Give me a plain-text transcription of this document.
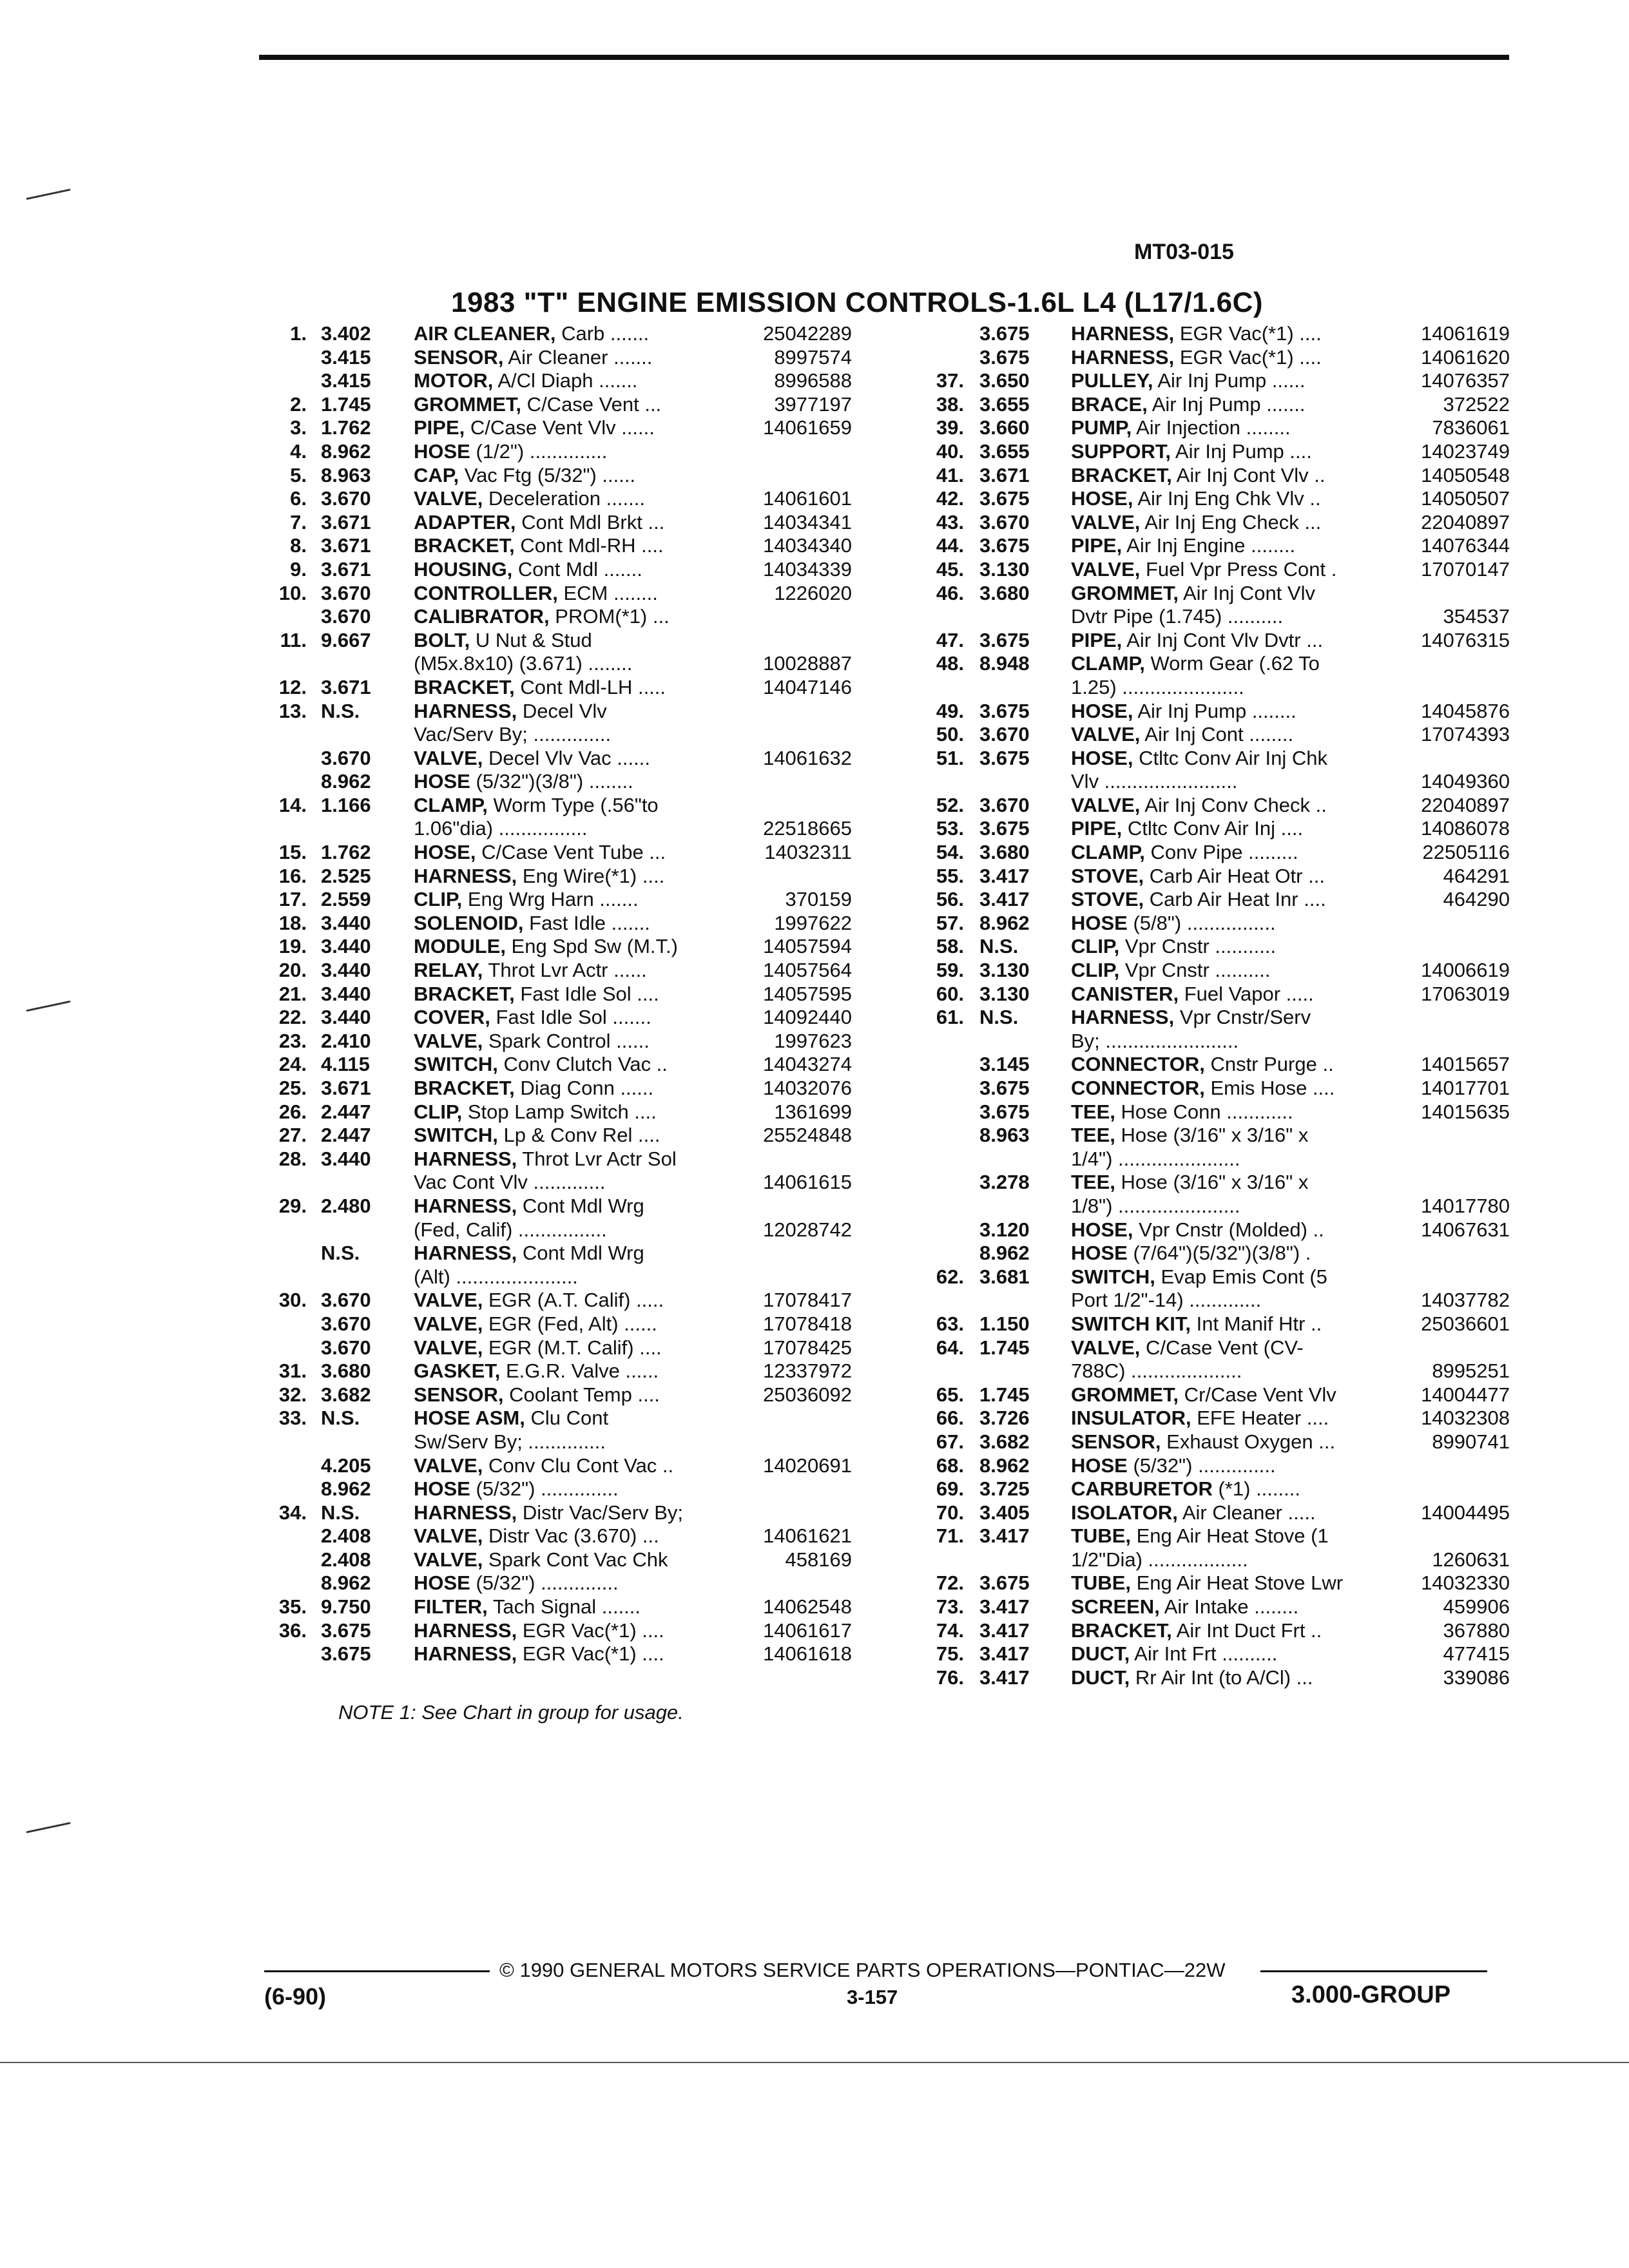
MT03-015
1983 "T" ENGINE EMISSION CONTROLS-1.6L L4 (L17/1.6C)
1. 3.402 AIR CLEANER, Carb .......	25042289
3.415 SENSOR, Air Cleaner .......	8997574
3.415 MOTOR, A/Cl Diaph .......	8996588
2. 1.745 GROMMET, C/Case Vent ...	3977197
3. 1.762 PIPE, C/Case Vent Vlv ......	14061659
4. 8.962 HOSE (1/2") ..............
5. 8.963 CAP, Vac Ftg (5/32") ......
6. 3.670 VALVE, Deceleration .......	14061601
7. 3.671 ADAPTER, Cont Mdl Brkt ...	14034341
8. 3.671 BRACKET, Cont Mdl-RH ....	14034340
9. 3.671 HOUSING, Cont Mdl .......	14034339
10. 3.670 CONTROLLER, ECM ........	1226020
3.670 CALIBRATOR, PROM(*1) ...
11. 9.667 BOLT, U Nut & Stud
(M5x.8x10) (3.671) ........	10028887
12. 3.671 BRACKET, Cont Mdl-LH .....	14047146
13. N.S.	HARNESS, Decel Vlv
Vac/Serv By; ..............
3.670 VALVE, Decel Vlv Vac ......	14061632
8.962 HOSE (5/32")(3/8") ........
14. 1.166 CLAMP, Worm Type (.56"to
1.06"dia) ................	22518665
15. 1.762 HOSE, C/Case Vent Tube ...	14032311
16. 2.525 HARNESS, Eng Wire(*1) ....
17. 2.559 CLIP, Eng Wrg Harn .......	370159
18. 3.440 SOLENOID, Fast Idle .......	1997622
19. 3.440 MODULE, Eng Spd Sw (M.T.)	14057594
20. 3.440 RELAY, Throt Lvr Actr ......	14057564
21. 3.440 BRACKET, Fast Idle Sol ....	14057595
22. 3.440 COVER, Fast Idle Sol .......	14092440
23. 2.410 VALVE, Spark Control ......	1997623
24. 4.115 SWITCH, Conv Clutch Vac ..	14043274
25. 3.671 BRACKET, Diag Conn ......	14032076
26. 2.447 CLIP, Stop Lamp Switch ....	1361699
27. 2.447 SWITCH, Lp & Conv Rel ....	25524848
28. 3.440 HARNESS, Throt Lvr Actr Sol
Vac Cont Vlv .............	14061615
29. 2.480 HARNESS, Cont Mdl Wrg
(Fed, Calif) ................	12028742
N.S.	HARNESS, Cont Mdl Wrg
(Alt) ......................
30. 3.670 VALVE, EGR (A.T. Calif) .....	17078417
3.670 VALVE, EGR (Fed, Alt) ......	17078418
3.670 VALVE, EGR (M.T. Calif) ....	17078425
31. 3.680 GASKET, E.G.R. Valve ......	12337972
32. 3.682 SENSOR, Coolant Temp ....	25036092
33. N.S.	HOSE ASM, Clu Cont
Sw/Serv By; ..............
4.205 VALVE, Conv Clu Cont Vac ..	14020691
8.962 HOSE (5/32") ..............
34. N.S.	HARNESS, Distr Vac/Serv By;
2.408 VALVE, Distr Vac (3.670) ...	14061621
2.408 VALVE, Spark Cont Vac Chk	458169
8.962 HOSE (5/32") ..............
35. 9.750 FILTER, Tach Signal .......	14062548
36. 3.675 HARNESS, EGR Vac(*1) ....	14061617
3.675 HARNESS, EGR Vac(*1) ....	14061618
3.675 HARNESS, EGR Vac(*1) ....	14061619
3.675 HARNESS, EGR Vac(*1) ....	14061620
37. 3.650 PULLEY, Air Inj Pump ......	14076357
38. 3.655 BRACE, Air Inj Pump .......	372522
39. 3.660 PUMP, Air Injection ........	7836061
40. 3.655 SUPPORT, Air Inj Pump ....	14023749
41. 3.671 BRACKET, Air Inj Cont Vlv ..	14050548
42. 3.675 HOSE, Air Inj Eng Chk Vlv ..	14050507
43. 3.670 VALVE, Air Inj Eng Check ...	22040897
44. 3.675 PIPE, Air Inj Engine ........	14076344
45. 3.130 VALVE, Fuel Vpr Press Cont .	17070147
46. 3.680 GROMMET, Air Inj Cont Vlv
Dvtr Pipe (1.745) ..........	354537
47. 3.675 PIPE, Air Inj Cont Vlv Dvtr ...	14076315
48. 8.948 CLAMP, Worm Gear (.62 To
1.25) ......................
49. 3.675 HOSE, Air Inj Pump ........	14045876
50. 3.670 VALVE, Air Inj Cont ........	17074393
51. 3.675 HOSE, Ctltc Conv Air Inj Chk
Vlv ........................	14049360
52. 3.670 VALVE, Air Inj Conv Check ..	22040897
53. 3.675 PIPE, Ctltc Conv Air Inj ....	14086078
54. 3.680 CLAMP, Conv Pipe .........	22505116
55. 3.417 STOVE, Carb Air Heat Otr ...	464291
56. 3.417 STOVE, Carb Air Heat Inr ....	464290
57. 8.962 HOSE (5/8") ................
58. N.S.	CLIP, Vpr Cnstr ...........
59. 3.130 CLIP, Vpr Cnstr ..........	14006619
60. 3.130 CANISTER, Fuel Vapor .....	17063019
61. N.S.	HARNESS, Vpr Cnstr/Serv
By; ........................
3.145 CONNECTOR, Cnstr Purge ..	14015657
3.675 CONNECTOR, Emis Hose ....	14017701
3.675 TEE, Hose Conn ............	14015635
8.963 TEE, Hose (3/16" x 3/16" x
1/4") ......................
3.278 TEE, Hose (3/16" x 3/16" x
1/8") ......................	14017780
3.120 HOSE, Vpr Cnstr (Molded) ..	14067631
8.962 HOSE (7/64")(5/32")(3/8") .
62. 3.681 SWITCH, Evap Emis Cont (5
Port 1/2"-14) .............	14037782
63. 1.150 SWITCH KIT, Int Manif Htr ..	25036601
64. 1.745 VALVE, C/Case Vent (CV-
788C) ....................	8995251
65. 1.745 GROMMET, Cr/Case Vent Vlv	14004477
66. 3.726 INSULATOR, EFE Heater ....	14032308
67. 3.682 SENSOR, Exhaust Oxygen ...	8990741
68. 8.962 HOSE (5/32") ..............
69. 3.725 CARBURETOR (*1) ........
70. 3.405 ISOLATOR, Air Cleaner .....	14004495
71. 3.417 TUBE, Eng Air Heat Stove (1
1/2"Dia) ..................	1260631
72. 3.675 TUBE, Eng Air Heat Stove Lwr	14032330
73. 3.417 SCREEN, Air Intake ........	459906
74. 3.417 BRACKET, Air Int Duct Frt ..	367880
75. 3.417 DUCT, Air Int Frt ..........	477415
76. 3.417 DUCT, Rr Air Int (to A/Cl) ...	339086
NOTE 1: See Chart in group for usage.
© 1990 GENERAL MOTORS SERVICE PARTS OPERATIONS—PONTIAC—22W
(6-90)	3-157	3.000-GROUP
